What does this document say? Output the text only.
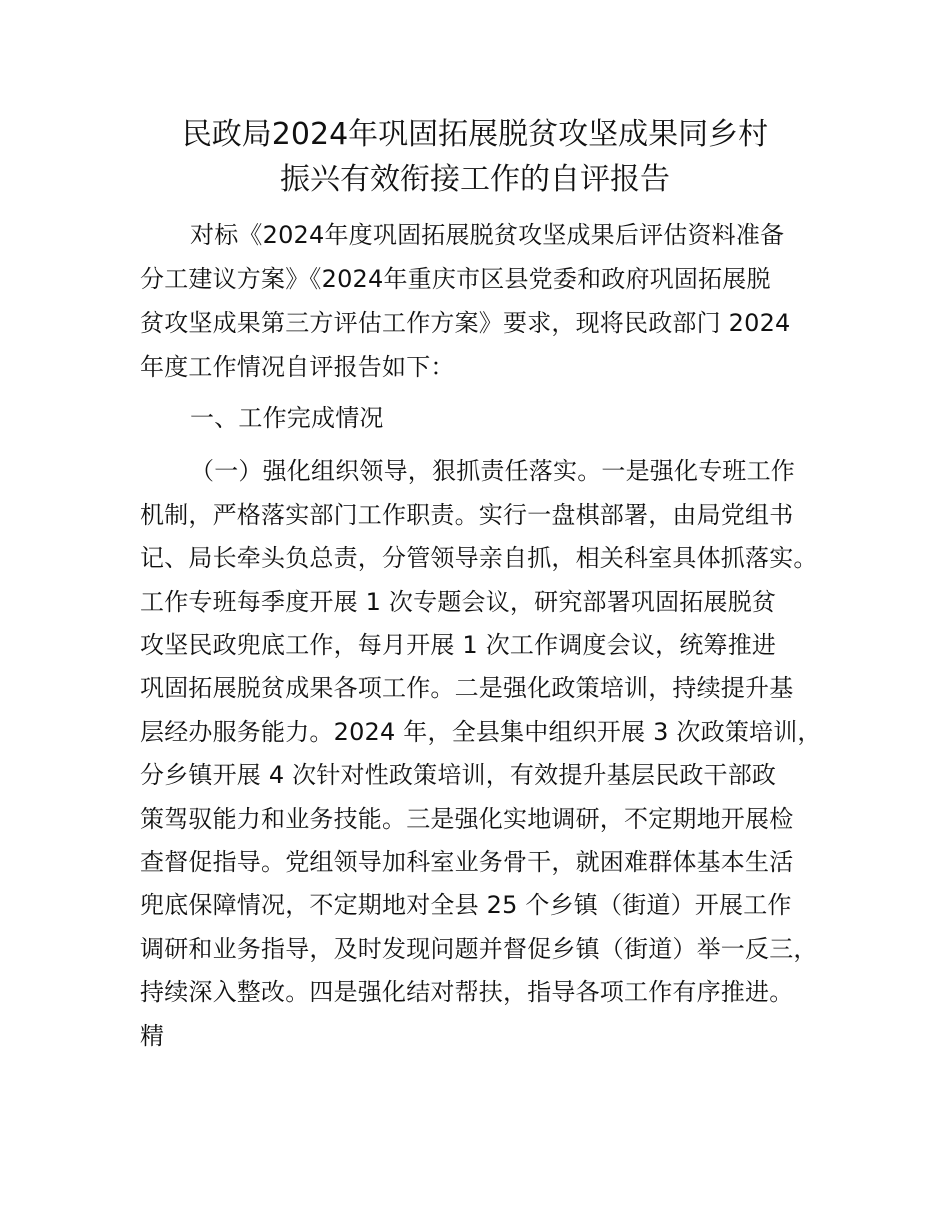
民政局2024年巩固拓展脱贫攻坚成果同乡村
振兴有效衔接工作的自评报告
对标《2024年度巩固拓展脱贫攻坚成果后评估资料准备
分工建议方案》《2024年重庆市区县党委和政府巩固拓展脱
贫攻坚成果第三方评估工作方案》要求，现将民政部门 2024
年度工作情况自评报告如下：
一、工作完成情况
（一）强化组织领导，狠抓责任落实。一是强化专班工作
机制，严格落实部门工作职责。实行一盘棋部署，由局党组书
记、局长牵头负总责，分管领导亲自抓，相关科室具体抓落实。
工作专班每季度开展 1 次专题会议，研究部署巩固拓展脱贫
攻坚民政兜底工作，每月开展 1 次工作调度会议，统筹推进
巩固拓展脱贫成果各项工作。二是强化政策培训，持续提升基
层经办服务能力。2024 年，全县集中组织开展 3 次政策培训，
分乡镇开展 4 次针对性政策培训，有效提升基层民政干部政
策驾驭能力和业务技能。三是强化实地调研，不定期地开展检
查督促指导。党组领导加科室业务骨干，就困难群体基本生活
兜底保障情况，不定期地对全县 25 个乡镇（街道）开展工作
调研和业务指导，及时发现问题并督促乡镇（街道）举一反三，
持续深入整改。四是强化结对帮扶，指导各项工作有序推进。
精
